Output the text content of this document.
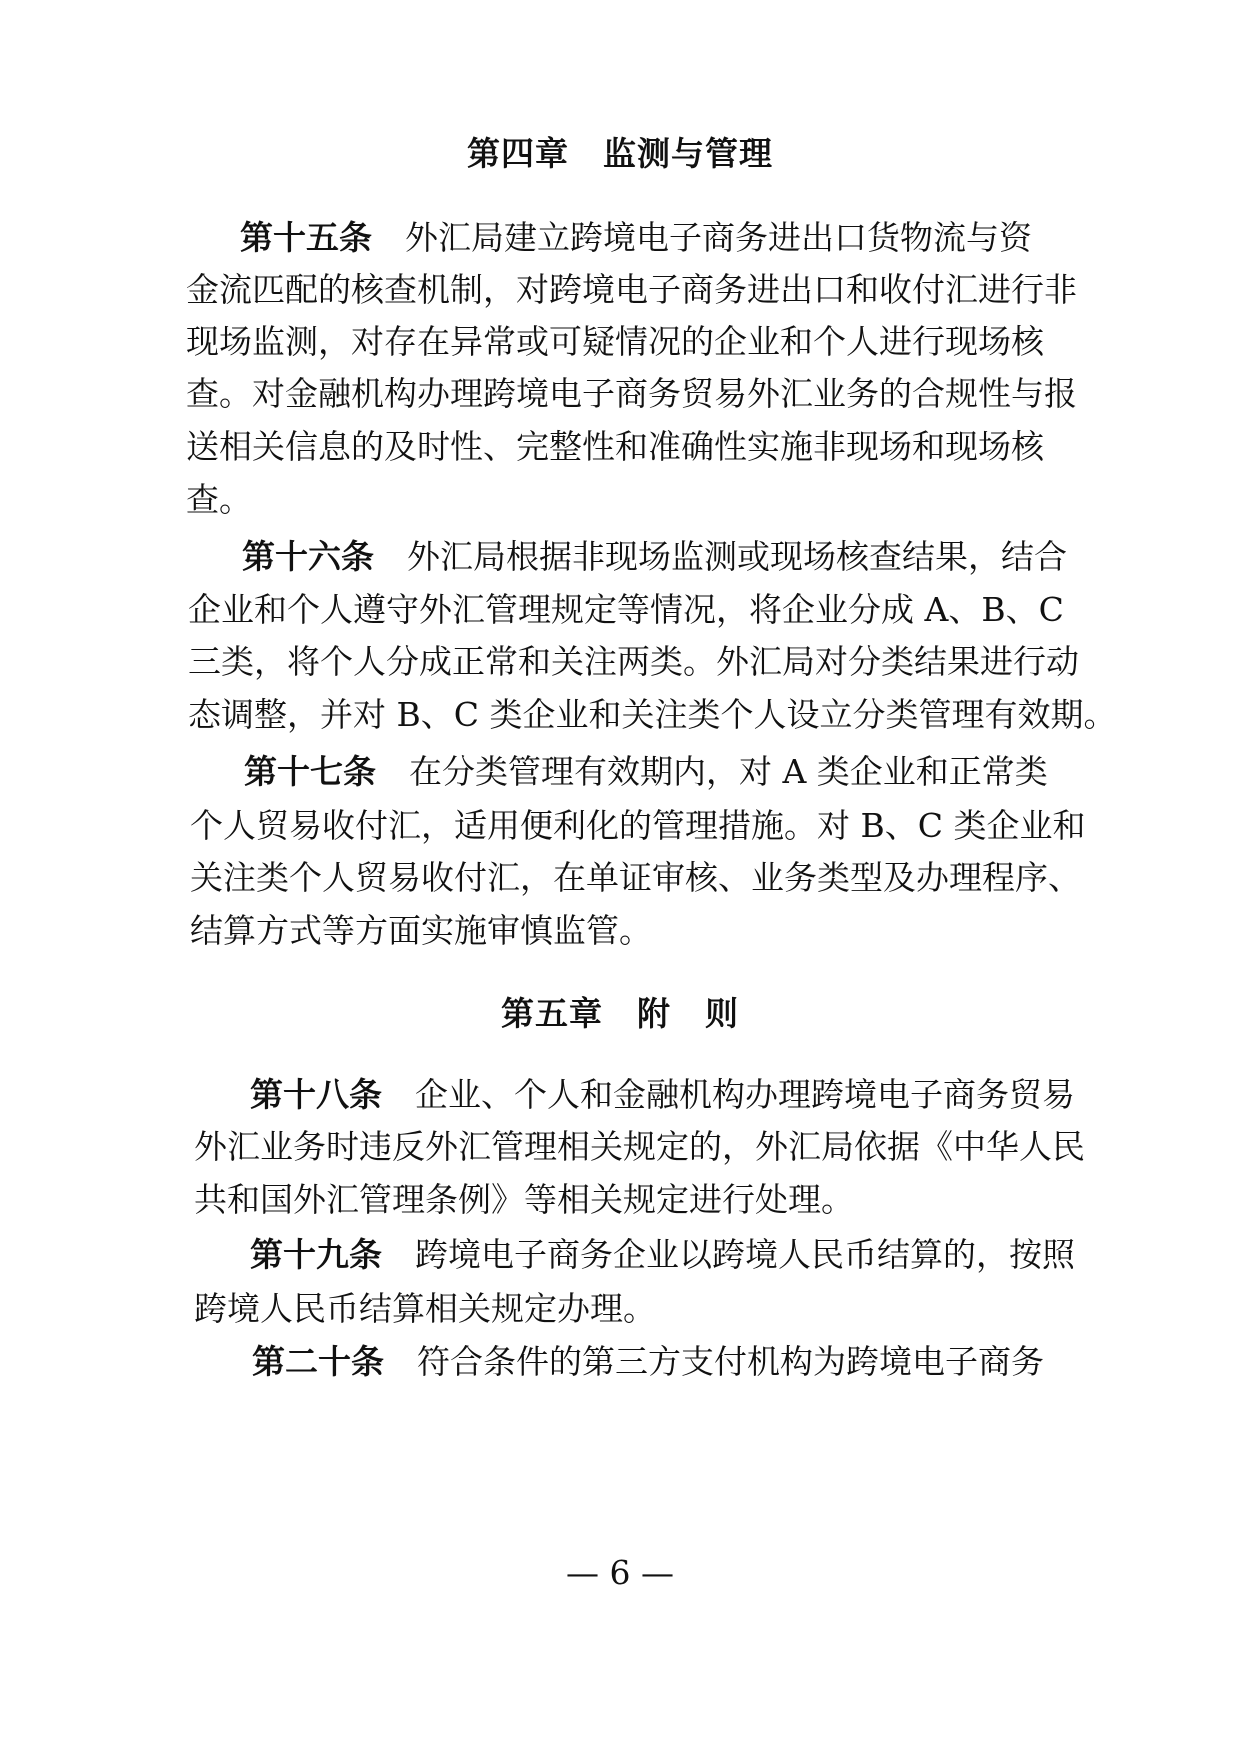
第四章　监测与管理
第十五条　 外汇局建立跨境电子商务进出口货物流与资
金流匹配的核查机制，对跨境电子商务进出口和收付汇进行非
现场监测，对存在异常或可疑情况的企业和个人进行现场核
查。对金融机构办理跨境电子商务贸易外汇业务的合规性与报
送相关信息的及时性、完整性和准确性实施非现场和现场核
查。
第十六条　 外汇局根据非现场监测或现场核查结果，结合
企业和个人遵守外汇管理规定等情况，将企业分成 A、B、C
三类，将个人分成正常和关注两类。外汇局对分类结果进行动
态调整，并对 B、C 类企业和关注类个人设立分类管理有效期。
第十七条　 在分类管理有效期内，对 A 类企业和正常类
个人贸易收付汇，适用便利化的管理措施。对 B、C 类企业和
关注类个人贸易收付汇，在单证审核、业务类型及办理程序、
结算方式等方面实施审慎监管。
第五章　附　则
第十八条　 企业、个人和金融机构办理跨境电子商务贸易
外汇业务时违反外汇管理相关规定的，外汇局依据《中华人民
共和国外汇管理条例》等相关规定进行处理。
第十九条　 跨境电子商务企业以跨境人民币结算的，按照
跨境人民币结算相关规定办理。
第二十条　 符合条件的第三方支付机构为跨境电子商务
— 6 —
